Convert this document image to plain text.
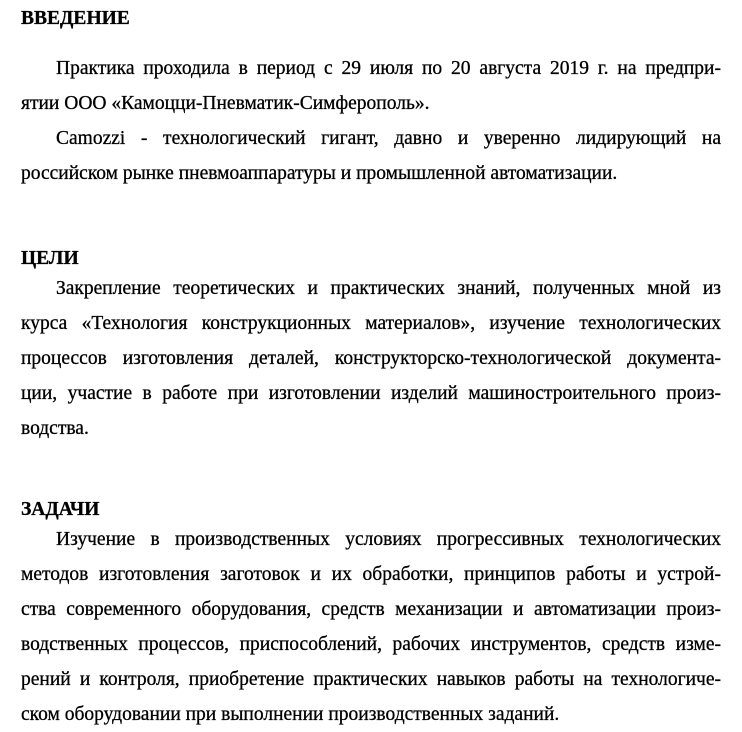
ВВЕДЕНИЕ
Практика проходила в период с 29 июля по 20 августа 2019 г. на предпри-
ятии ООО «Камоцци-Пневматик-Симферополь».
Camozzi - технологический гигант, давно и уверенно лидирующий на
российском рынке пневмоаппаратуры и промышленной автоматизации.
ЦЕЛИ
Закрепление теоретических и практических знаний, полученных мной из
курса «Технология конструкционных материалов», изучение технологических
процессов изготовления деталей, конструкторско-технологической документа-
ции, участие в работе при изготовлении изделий машиностроительного произ-
водства.
ЗАДАЧИ
Изучение в производственных условиях прогрессивных технологических
методов изготовления заготовок и их обработки, принципов работы и устрой-
ства современного оборудования, средств механизации и автоматизации произ-
водственных процессов, приспособлений, рабочих инструментов, средств изме-
рений и контроля, приобретение практических навыков работы на технологиче-
ском оборудовании при выполнении производственных заданий.
